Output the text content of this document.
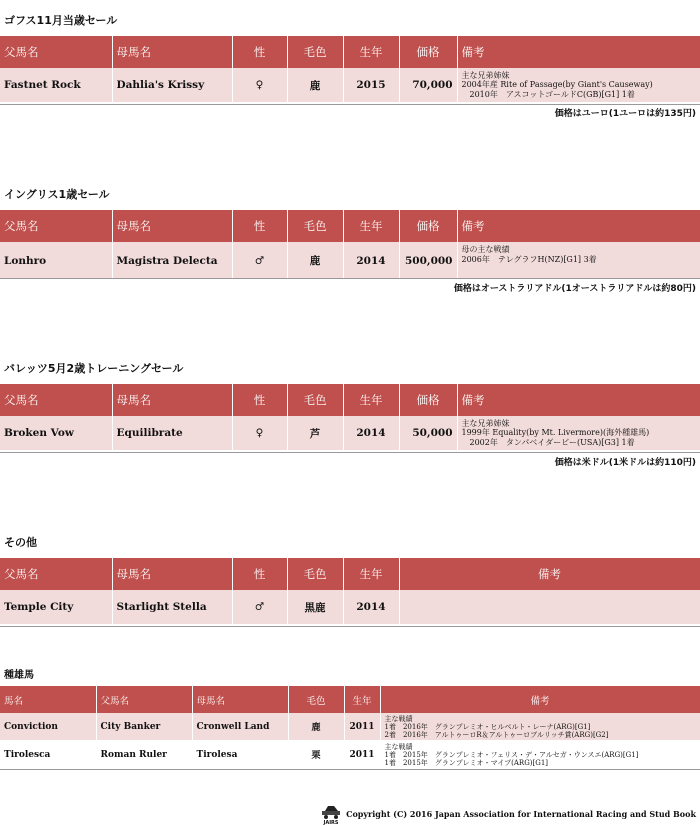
ゴフス11月当歳セール
父馬名	母馬名	性	毛色	生年	価格	備考
Fastnet Rock	Dahlia's Krissy	♀	鹿	2015	70,000	主な兄弟姉妹
2004年産 Rite of Passage(by Giant's Causeway)
　2010年　アスコットゴールドC(GB)[G1] 1着
価格はユーロ(1ユーロは約135円)
イングリス1歳セール
父馬名	母馬名	性	毛色	生年	価格	備考
Lonhro	Magistra Delecta	♂	鹿	2014	500,000	母の主な戦績
2006年　テレグラフH(NZ)[G1] 3着
価格はオーストラリアドル(1オーストラリアドルは約80円)
バレッツ5月2歳トレーニングセール
父馬名	母馬名	性	毛色	生年	価格	備考
Broken Vow	Equilibrate	♀	芦	2014	50,000	主な兄弟姉妹
1999年 Equality(by Mt. Livermore)(海外種雄馬)
　2002年　タンパベイダービー(USA)[G3] 1着
価格は米ドル(1米ドルは約110円)
その他
父馬名	母馬名	性	毛色	生年	備考
Temple City	Starlight Stella	♂	黒鹿	2014	
種雄馬
馬名	父馬名	母馬名	毛色	生年	備考
Conviction	City Banker	Cronwell Land	鹿	2011	主な戦績
1着　2016年　グランプレミオ・ヒルベルト・レーナ(ARG)[G1]
2着　2016年　アルトゥーロR＆アルトゥーロブルリッチ賞(ARG)[G2]

Tirolesca	Roman Ruler	Tirolesa	栗	2011	主な戦績
1着　2015年　グランプレミオ・フェリス・デ・アルセガ・ウンスエ(ARG)[G1]
1着　2015年　グランプレミオ・マイプ(ARG)[G1]
JAIRS
Copyright (C) 2016 Japan Association for International Racing and Stud Book
